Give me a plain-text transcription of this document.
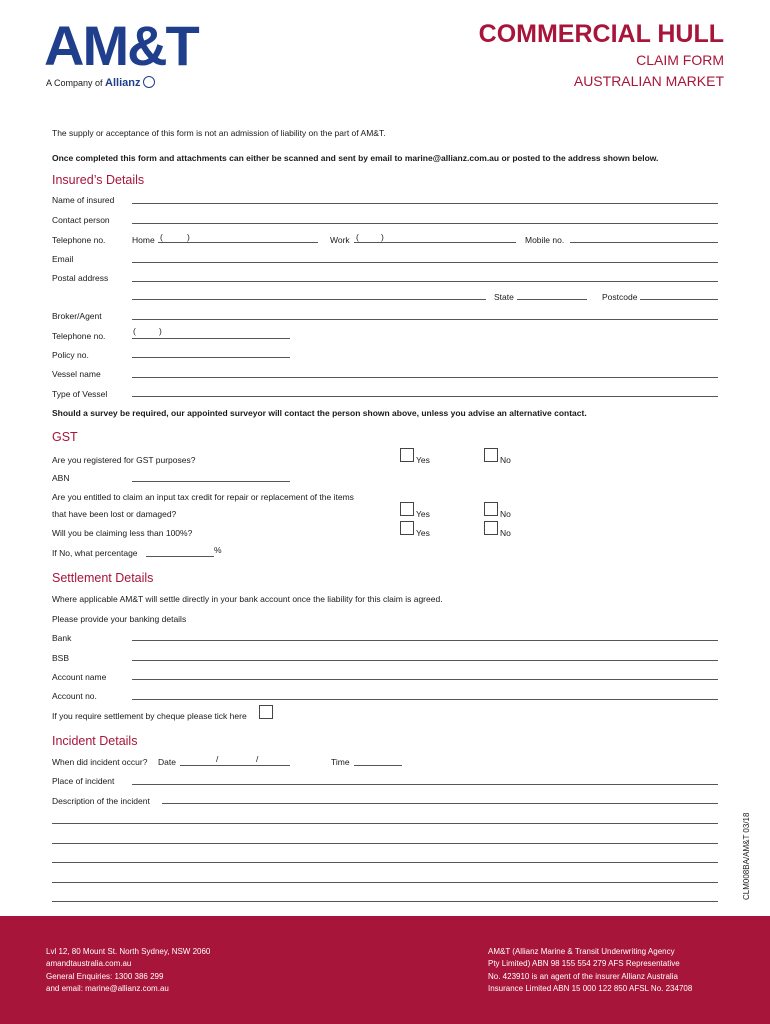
AM&T
A Company of Allianz
COMMERCIAL HULL
CLAIM FORM
AUSTRALIAN MARKET
The supply or acceptance of this form is not an admission of liability on the part of AM&T.
Once completed this form and attachments can either be scanned and sent by email to marine@allianz.com.au or posted to the address shown below.
Insured’s Details
Name of insured
Contact person
Telephone no.	Home (	)	Work (	)	Mobile no.
Email
Postal address
State	Postcode
Broker/Agent
Telephone no.	(	)
Policy no.
Vessel name
Type of Vessel
Should a survey be required, our appointed surveyor will contact the person shown above, unless you advise an alternative contact.
GST
Are you registered for GST purposes?	Yes	No
ABN
Are you entitled to claim an input tax credit for repair or replacement of the items
that have been lost or damaged?	Yes	No
Will you be claiming less than 100%?	Yes	No
If No, what percentage	%
Settlement Details
Where applicable AM&T will settle directly in your bank account once the liability for this claim is agreed.
Please provide your banking details
Bank
BSB
Account name
Account no.
If you require settlement by cheque please tick here
Incident Details
When did incident occur? Date	/	/	Time
Place of incident
Description of the incident
CLM008BA/AM&T 03/18
Lvl 12, 80 Mount St. North Sydney, NSW 2060
amandtaustralia.com.au
General Enquiries: 1300 386 299
and email: marine@allianz.com.au
AM&T (Allianz Marine & Transit Underwriting Agency
Pty Limited) ABN 98 155 554 279 AFS Representative
No. 423910 is an agent of the insurer Allianz Australia
Insurance Limited ABN 15 000 122 850 AFSL No. 234708
